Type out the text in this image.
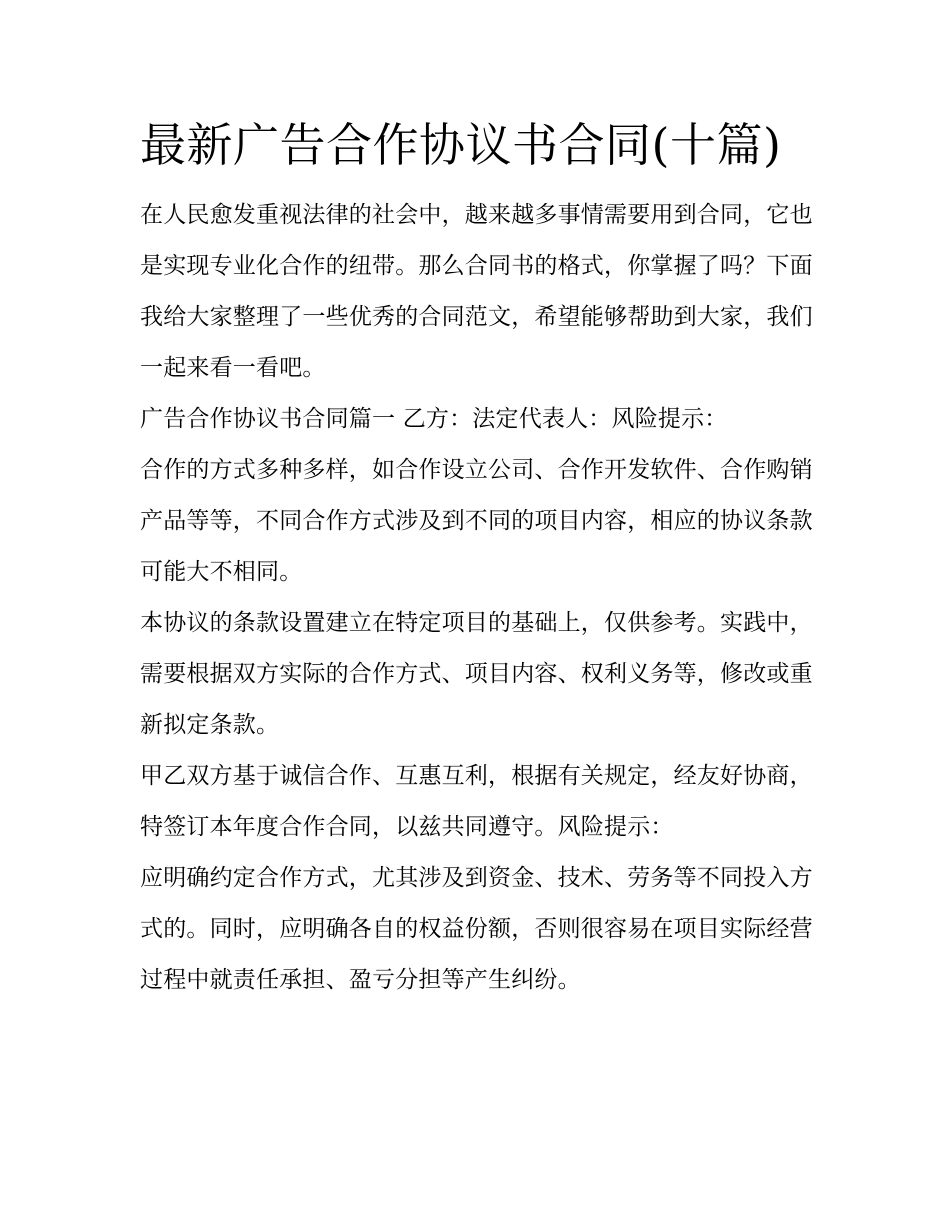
最新广告合作协议书合同(十篇)

在人民愈发重视法律的社会中，越来越多事情需要用到合同，它也是实现专业化合作的纽带。那么合同书的格式，你掌握了吗？下面我给大家整理了一些优秀的合同范文，希望能够帮助到大家，我们一起来看一看吧。

广告合作协议书合同篇一 乙方：法定代表人：风险提示：

合作的方式多种多样，如合作设立公司、合作开发软件、合作购销产品等等，不同合作方式涉及到不同的项目内容，相应的协议条款可能大不相同。

本协议的条款设置建立在特定项目的基础上，仅供参考。实践中，需要根据双方实际的合作方式、项目内容、权利义务等，修改或重新拟定条款。

甲乙双方基于诚信合作、互惠互利，根据有关规定，经友好协商，特签订本年度合作合同，以兹共同遵守。风险提示：

应明确约定合作方式，尤其涉及到资金、技术、劳务等不同投入方式的。同时，应明确各自的权益份额，否则很容易在项目实际经营过程中就责任承担、盈亏分担等产生纠纷。
